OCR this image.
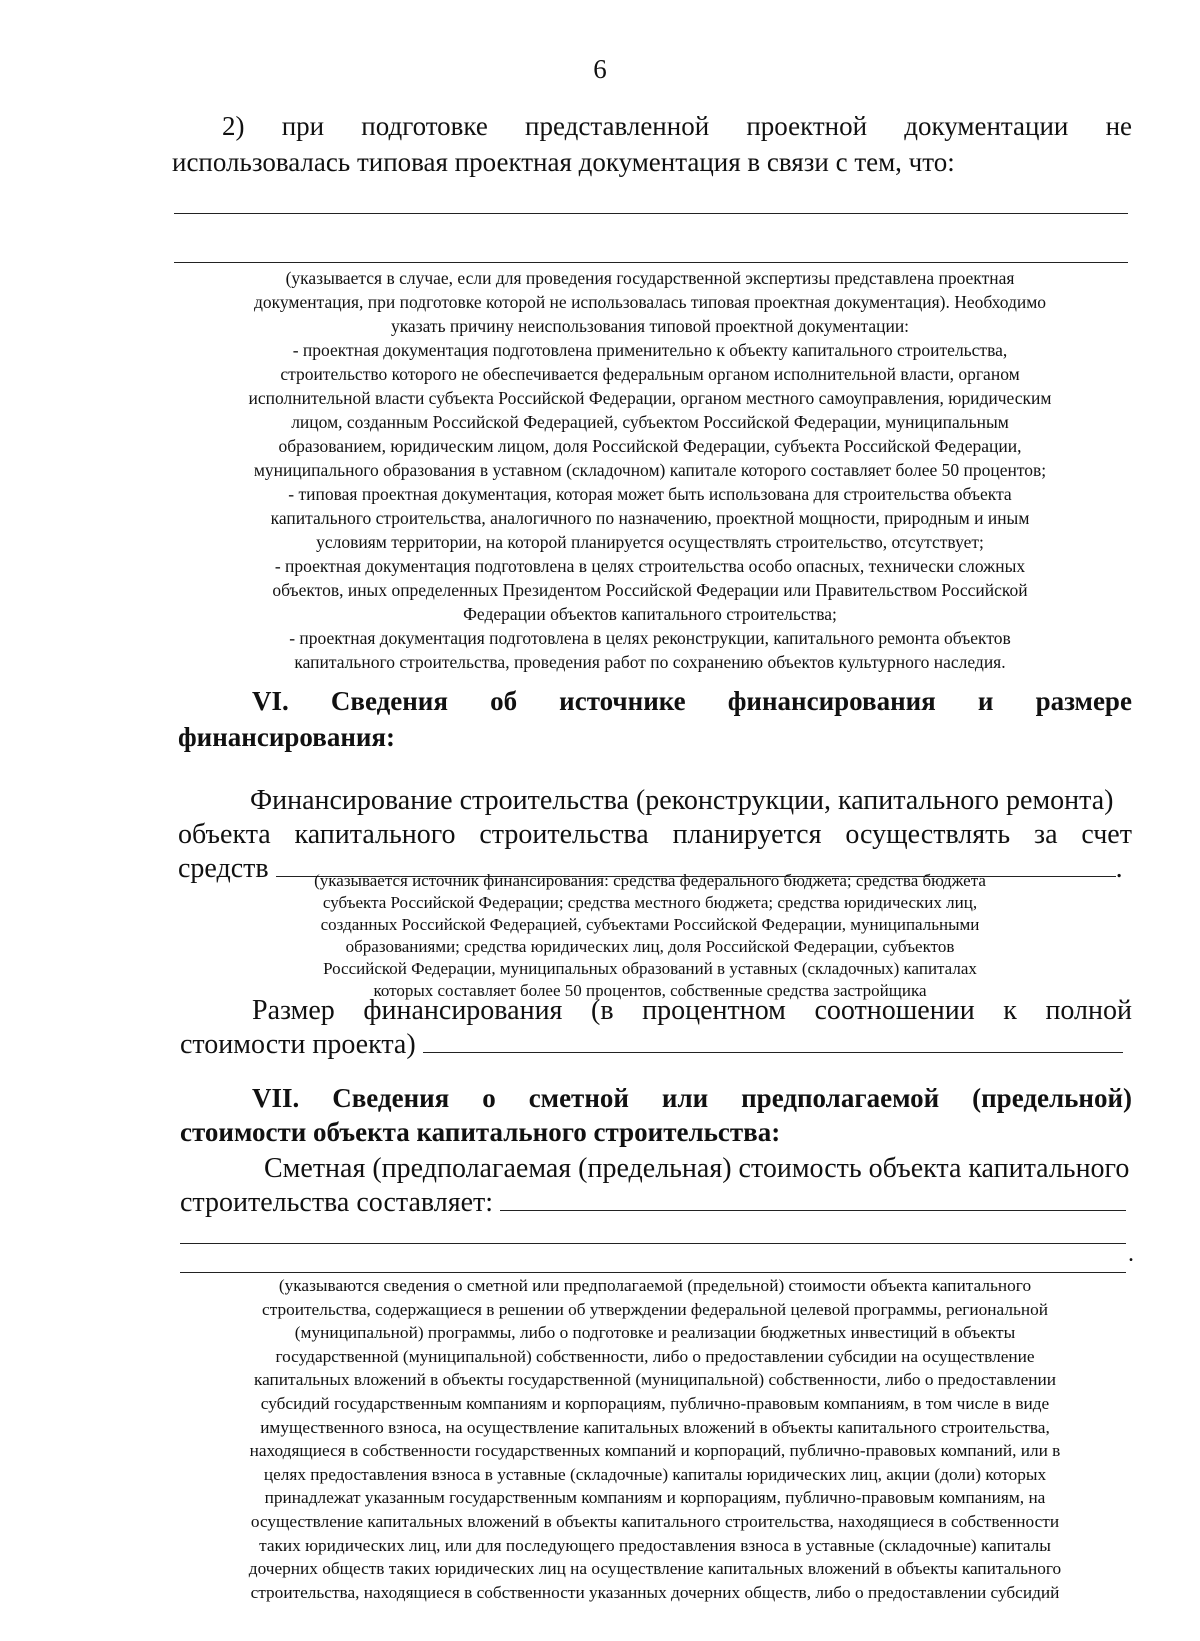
6
2) при подготовке представленной проектной документации не
использовалась типовая проектная документация в связи с тем, что:
(указывается в случае, если для проведения государственной экспертизы представлена проектная
документация, при подготовке которой не использовалась типовая проектная документация). Необходимо
указать причину неиспользования типовой проектной документации:
- проектная документация подготовлена применительно к объекту капитального строительства,
строительство которого не обеспечивается федеральным органом исполнительной власти, органом
исполнительной власти субъекта Российской Федерации, органом местного самоуправления, юридическим
лицом, созданным Российской Федерацией, субъектом Российской Федерации, муниципальным
образованием, юридическим лицом, доля Российской Федерации, субъекта Российской Федерации,
муниципального образования в уставном (складочном) капитале которого составляет более 50 процентов;
- типовая проектная документация, которая может быть использована для строительства объекта
капитального строительства, аналогичного по назначению, проектной мощности, природным и иным
условиям территории, на которой планируется осуществлять строительство, отсутствует;
- проектная документация подготовлена в целях строительства особо опасных, технически сложных
объектов, иных определенных Президентом Российской Федерации или Правительством Российской
Федерации объектов капитального строительства;
- проектная документация подготовлена в целях реконструкции, капитального ремонта объектов
капитального строительства, проведения работ по сохранению объектов культурного наследия.
VI. Сведения об источнике финансирования и размере
финансирования:
Финансирование строительства (реконструкции, капитального ремонта)
объекта капитального строительства планируется осуществлять за счет
средств	.
(указывается источник финансирования: средства федерального бюджета; средства бюджета
субъекта Российской Федерации; средства местного бюджета; средства юридических лиц,
созданных Российской Федерацией, субъектами Российской Федерации, муниципальными
образованиями; средства юридических лиц, доля Российской Федерации, субъектов
Российской Федерации, муниципальных образований в уставных (складочных) капиталах
которых составляет более 50 процентов, собственные средства застройщика
Размер финансирования (в процентном соотношении к полной
стоимости проекта)
VII. Сведения о сметной или предполагаемой (предельной)
стоимости объекта капитального строительства:
Сметная (предполагаемая (предельная) стоимость объекта капитального
строительства составляет:
.
(указываются сведения о сметной или предполагаемой (предельной) стоимости объекта капитального
строительства, содержащиеся в решении об утверждении федеральной целевой программы, региональной
(муниципальной) программы, либо о подготовке и реализации бюджетных инвестиций в объекты
государственной (муниципальной) собственности, либо о предоставлении субсидии на осуществление
капитальных вложений в объекты государственной (муниципальной) собственности, либо о предоставлении
субсидий государственным компаниям и корпорациям, публично-правовым компаниям, в том числе в виде
имущественного взноса, на осуществление капитальных вложений в объекты капитального строительства,
находящиеся в собственности государственных компаний и корпораций, публично-правовых компаний, или в
целях предоставления взноса в уставные (складочные) капиталы юридических лиц, акции (доли) которых
принадлежат указанным государственным компаниям и корпорациям, публично-правовым компаниям, на
осуществление капитальных вложений в объекты капитального строительства, находящиеся в собственности
таких юридических лиц, или для последующего предоставления взноса в уставные (складочные) капиталы
дочерних обществ таких юридических лиц на осуществление капитальных вложений в объекты капитального
строительства, находящиеся в собственности указанных дочерних обществ, либо о предоставлении субсидий
